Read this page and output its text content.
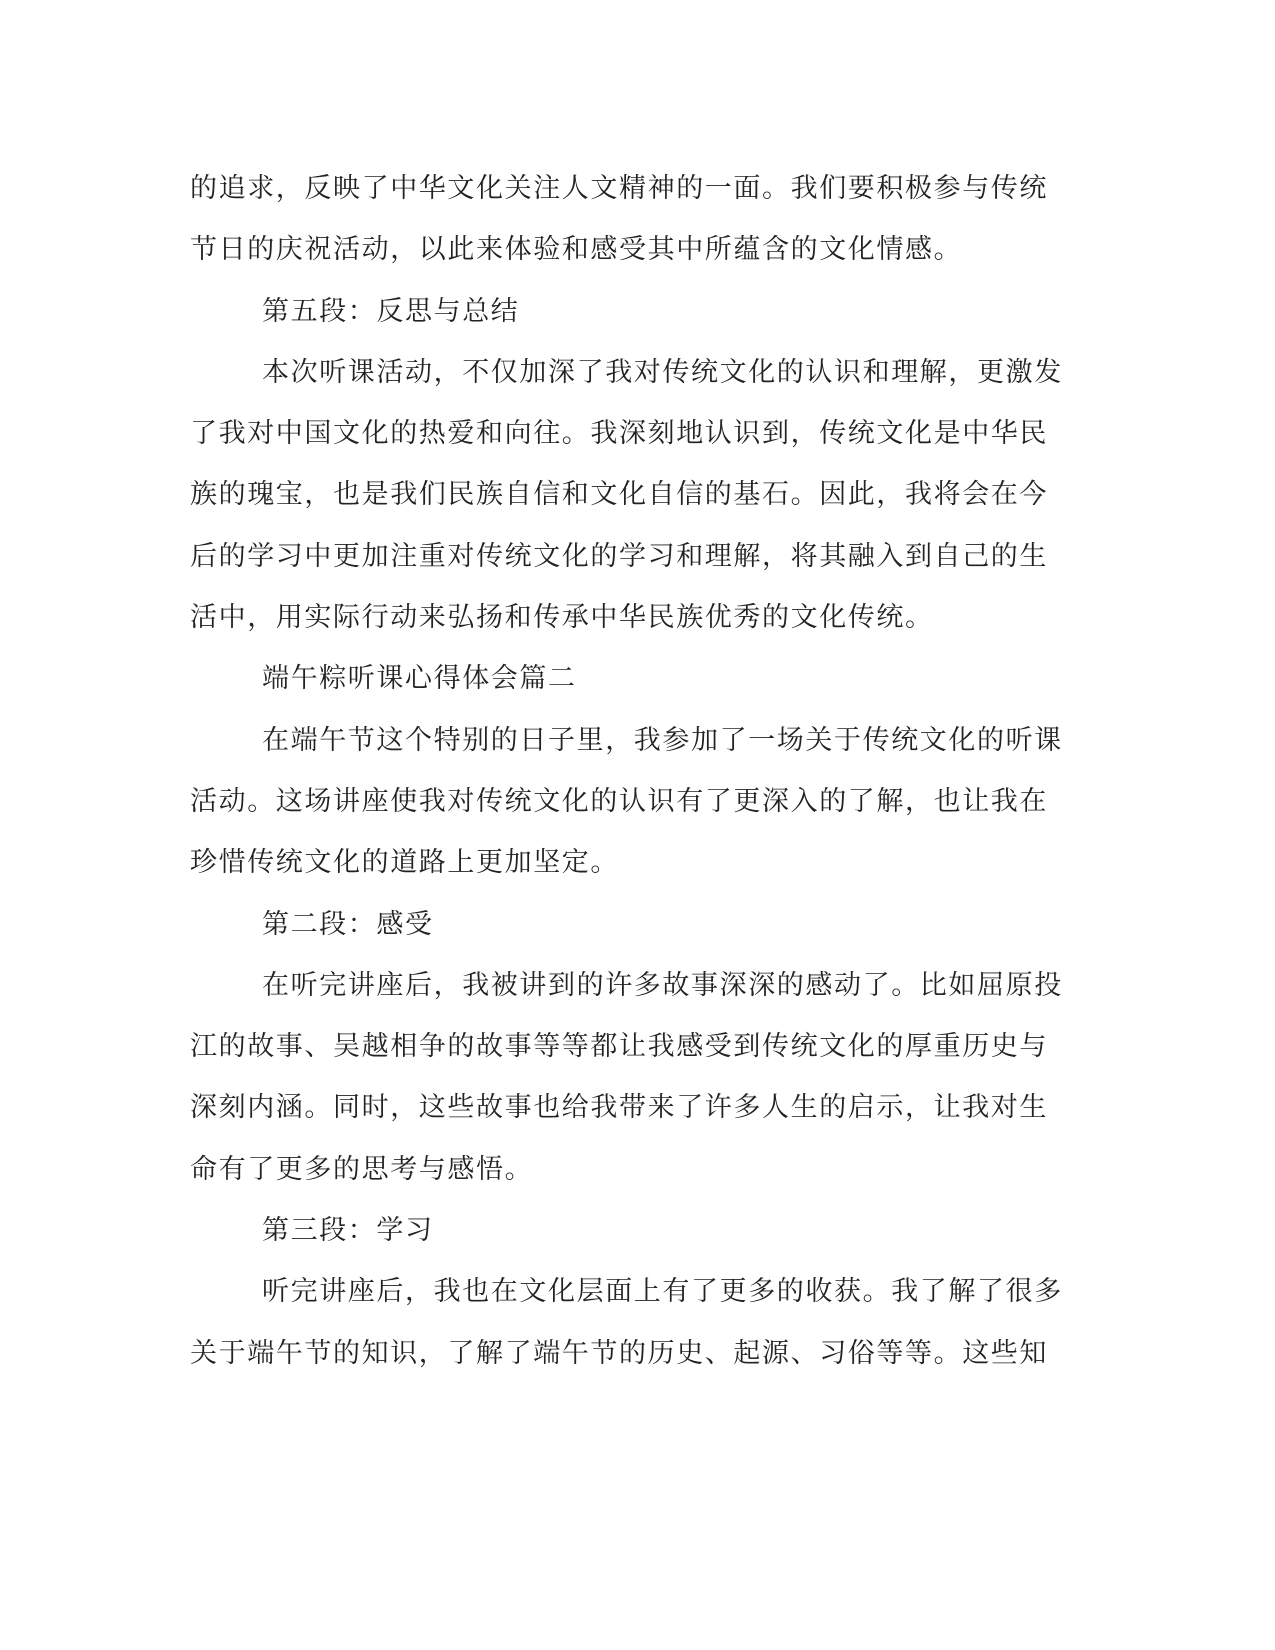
的追求，反映了中华文化关注人文精神的一面。我们要积极参与传统
节日的庆祝活动，以此来体验和感受其中所蕴含的文化情感。
第五段：反思与总结
本次听课活动，不仅加深了我对传统文化的认识和理解，更激发
了我对中国文化的热爱和向往。我深刻地认识到，传统文化是中华民
族的瑰宝，也是我们民族自信和文化自信的基石。因此，我将会在今
后的学习中更加注重对传统文化的学习和理解，将其融入到自己的生
活中，用实际行动来弘扬和传承中华民族优秀的文化传统。
端午粽听课心得体会篇二
在端午节这个特别的日子里，我参加了一场关于传统文化的听课
活动。这场讲座使我对传统文化的认识有了更深入的了解，也让我在
珍惜传统文化的道路上更加坚定。
第二段：感受
在听完讲座后，我被讲到的许多故事深深的感动了。比如屈原投
江的故事、吴越相争的故事等等都让我感受到传统文化的厚重历史与
深刻内涵。同时，这些故事也给我带来了许多人生的启示，让我对生
命有了更多的思考与感悟。
第三段：学习
听完讲座后，我也在文化层面上有了更多的收获。我了解了很多
关于端午节的知识，了解了端午节的历史、起源、习俗等等。这些知
